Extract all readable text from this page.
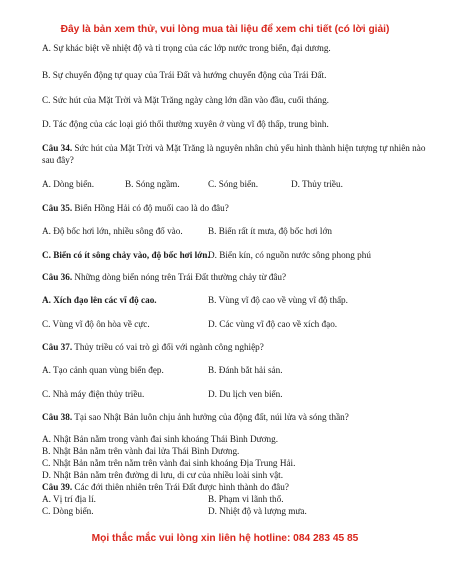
Đây là bản xem thử, vui lòng mua tài liệu để xem chi tiết (có lời giải)
A. Sự khác biệt về nhiệt độ và tỉ trọng của các lớp nước trong biển, đại dương.
B. Sự chuyển động tự quay của Trái Đất và hướng chuyển động của Trái Đất.
C. Sức hút của Mặt Trời và Mặt Trăng ngày càng lớn dần vào đầu, cuối tháng.
D. Tác động của các loại gió thổi thường xuyên ở vùng vĩ độ thấp, trung bình.
Câu 34. Sức hút của Mặt Trời và Mặt Trăng là nguyên nhân chủ yếu hình thành hiện tượng tự nhiên nào sau đây?
A. Dòng biển.	B. Sóng ngầm.	C. Sóng biển.	D. Thủy triều.
Câu 35. Biển Hồng Hải có độ muối cao là do đâu?
A. Độ bốc hơi lớn, nhiều sông đổ vào.	B. Biển rất ít mưa, độ bốc hơi lớn
C. Biển có ít sông chảy vào, độ bốc hơi lớn.
D. Biển kín, có nguồn nước sông phong phú
Câu 36. Những dòng biển nóng trên Trái Đất thường chảy từ đâu?
A. Xích đạo lên các vĩ độ cao.	B. Vùng vĩ độ cao về vùng vĩ độ thấp.
C. Vùng vĩ độ ôn hòa về cực.	D. Các vùng vĩ độ cao về xích đạo.
Câu 37. Thủy triều có vai trò gì đối với ngành công nghiệp?
A. Tạo cảnh quan vùng biển đẹp.	B. Đánh bắt hải sản.
C. Nhà máy điện thủy triều.	D. Du lịch ven biển.
Câu 38. Tại sao Nhật Bản luôn chịu ảnh hưởng của động đất, núi lửa và sóng thần?
A. Nhật Bản nằm trong vành đai sinh khoáng Thái Bình Dương.
B. Nhật Bản nằm trên vành đai lửa Thái Bình Dương.
C. Nhật Bản nằm trên nằm trên vành đai sinh khoáng Địa Trung Hải.
D. Nhật Bản nằm trên đường di lưu, di cư của nhiều loài sinh vật.
Câu 39. Các đới thiên nhiên trên Trái Đất được hình thành do đâu?
A. Vị trí địa lí.	B. Phạm vi lãnh thổ.
C. Dòng biển.	D. Nhiệt độ và lượng mưa.
Mọi thắc mắc vui lòng xin liên hệ hotline: 084 283 45 85
